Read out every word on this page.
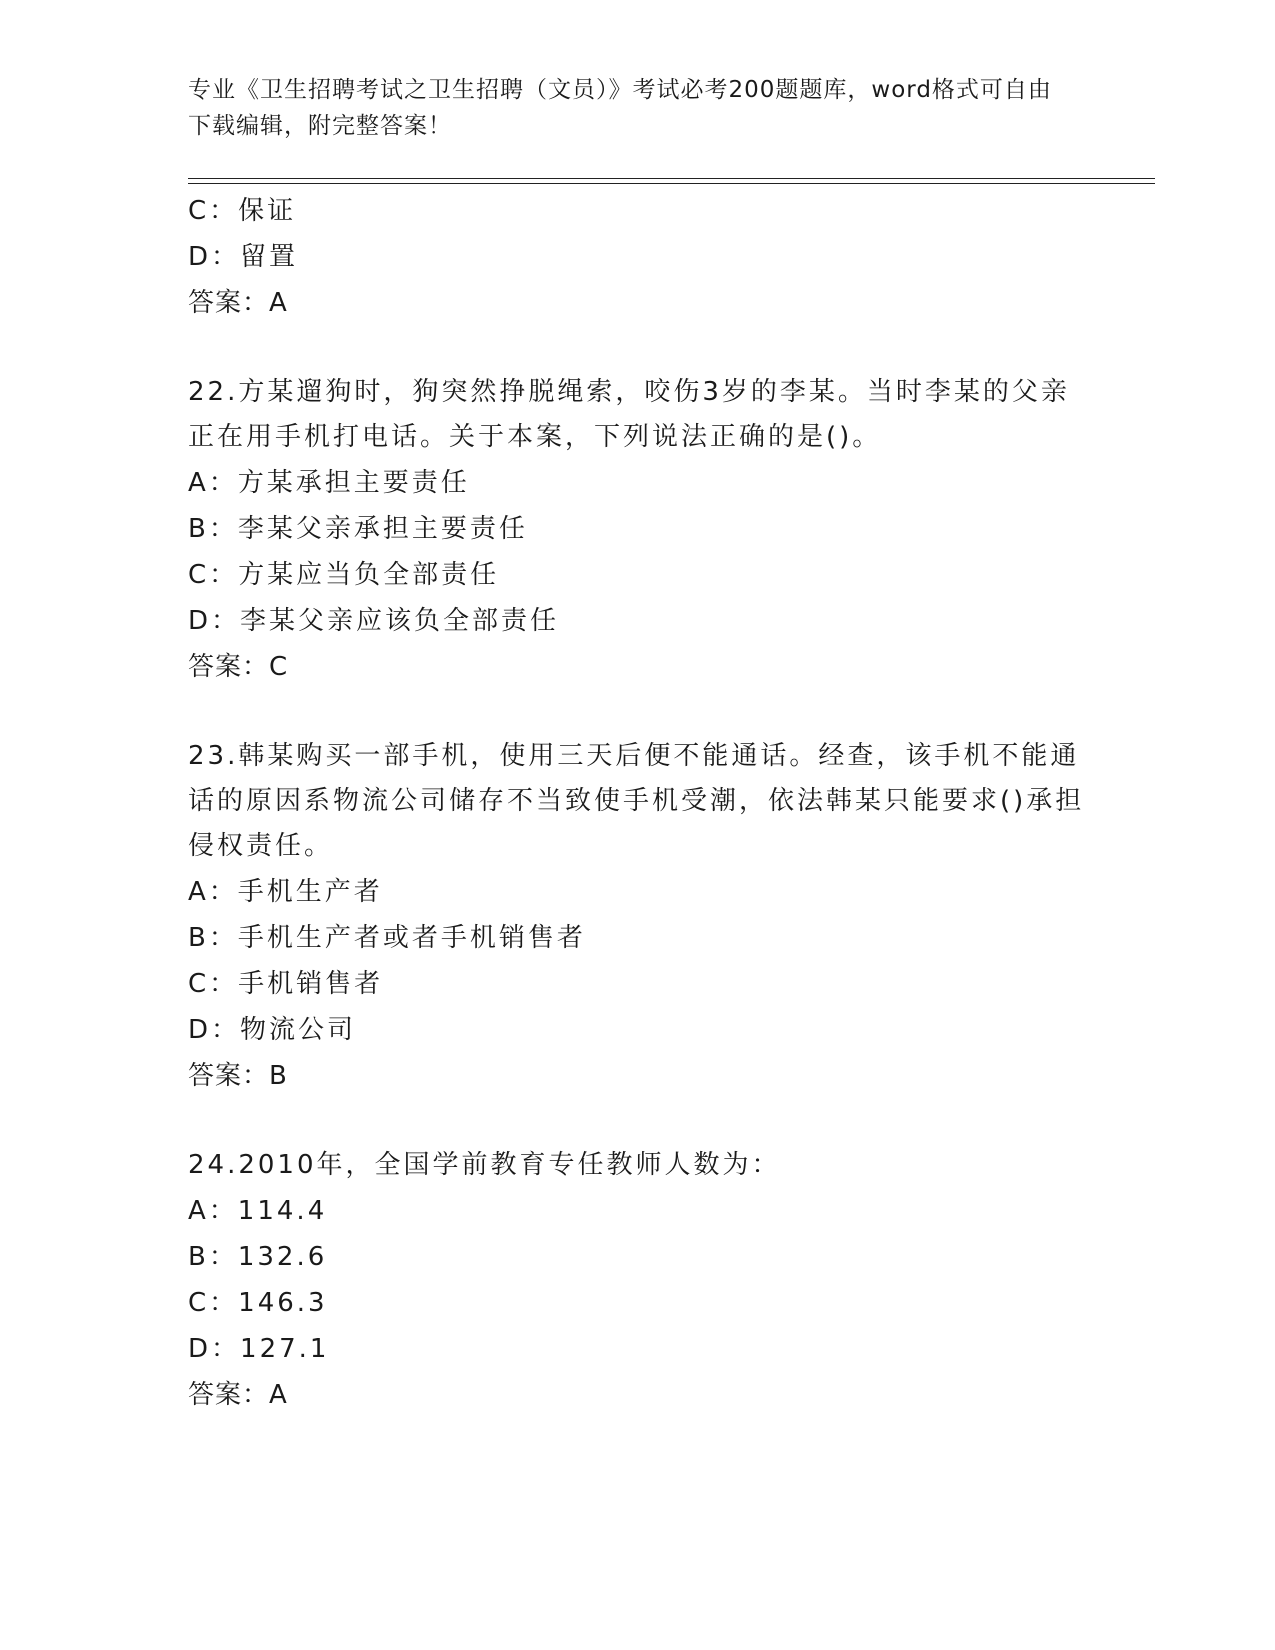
专业《卫生招聘考试之卫生招聘（文员）》考试必考200题题库，word格式可自由下载编辑，附完整答案！
C：保证
D：留置
答案：A
22.方某遛狗时，狗突然挣脱绳索，咬伤3岁的李某。当时李某的父亲正在用手机打电话。关于本案，下列说法正确的是()。
A：方某承担主要责任
B：李某父亲承担主要责任
C：方某应当负全部责任
D：李某父亲应该负全部责任
答案：C
23.韩某购买一部手机，使用三天后便不能通话。经查，该手机不能通话的原因系物流公司储存不当致使手机受潮，依法韩某只能要求()承担侵权责任。
A：手机生产者
B：手机生产者或者手机销售者
C：手机销售者
D：物流公司
答案：B
24.2010年，全国学前教育专任教师人数为：
A：114.4
B：132.6
C：146.3
D：127.1
答案：A
